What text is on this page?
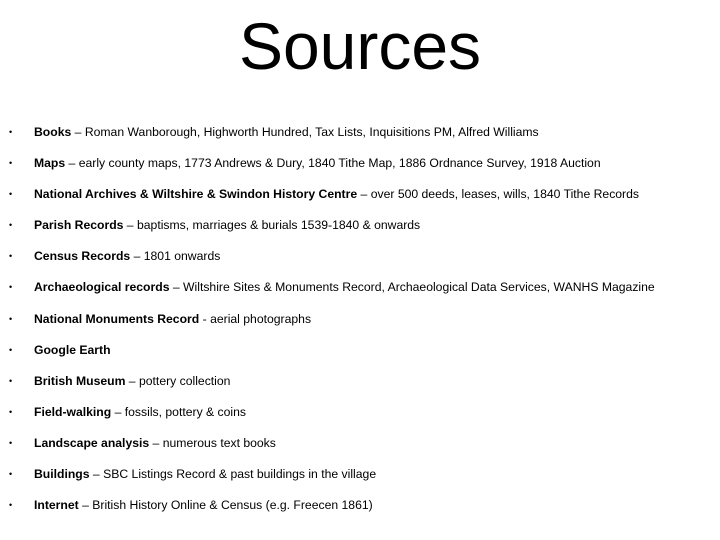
Sources
• Books – Roman Wanborough, Highworth Hundred, Tax Lists, Inquisitions PM, Alfred Williams
• Maps – early county maps, 1773 Andrews & Dury, 1840 Tithe Map, 1886 Ordnance Survey, 1918 Auction
• National Archives & Wiltshire & Swindon History Centre – over 500 deeds, leases, wills, 1840 Tithe Records
• Parish Records – baptisms, marriages & burials 1539-1840 & onwards
• Census Records – 1801 onwards
• Archaeological records – Wiltshire Sites & Monuments Record, Archaeological Data Services, WANHS Magazine
• National Monuments Record - aerial photographs
• Google Earth
• British Museum – pottery collection
• Field-walking – fossils, pottery & coins
• Landscape analysis – numerous text books
• Buildings – SBC Listings Record & past buildings in the village
• Internet – British History Online & Census (e.g. Freecen 1861)
